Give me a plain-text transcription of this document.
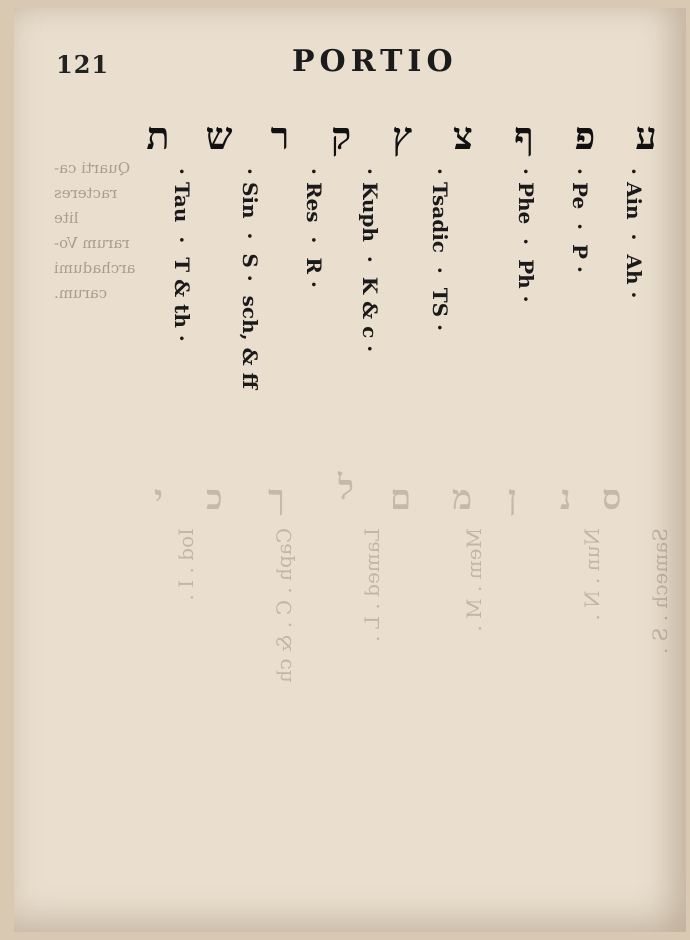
121	PORTIO
ע
פ
ף
צ
ץ
ק
ר
ש
ת
· Ain  ·  Ah ·
· Pe  ·  P ·
· Phe  ·  Ph ·
· Tsadic  ·  TS ·
· Kuph  ·  K & c ·
· Res  ·  R ·
· Sin  ·  S ·  sch, & ff
· Tau  ·  T & th ·
Quarti ca-
racteres lite
rarum Vo-
archadumi
carum.
ס
נ
ן
מ
ם
ל
ך
כ
י
Samech . S .
Nun . N .
Mem . M .
Lamed . L .
Caph . C . & ch
Iod . I .
